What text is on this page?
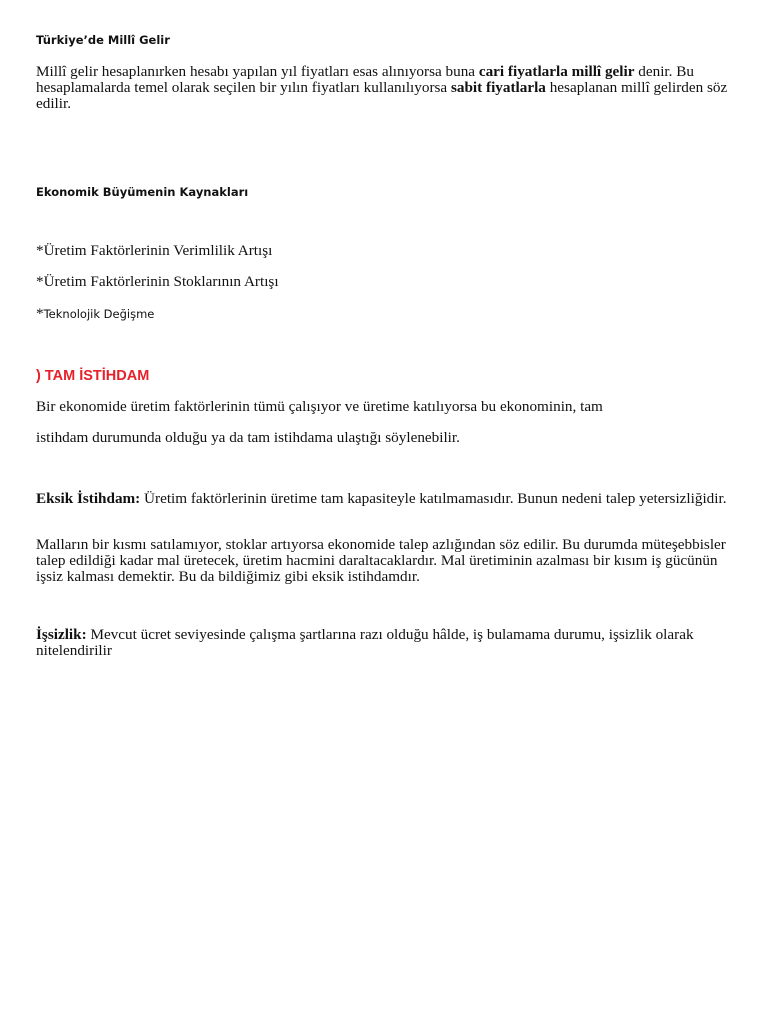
Türkiye’de Millî Gelir

Millî gelir hesaplanırken hesabı yapılan yıl fiyatları esas alınıyorsa buna cari fiyatlarla millî gelir denir. Bu hesaplamalarda temel olarak seçilen bir yılın fiyatları kullanılıyorsa sabit fiyatlarla hesaplanan millî gelirden söz edilir.

Ekonomik Büyümenin Kaynakları
*Üretim Faktörlerinin Verimlilik Artışı
*Üretim Faktörlerinin Stoklarının Artışı
*Teknolojik Değişme
) TAM İSTİHDAM
Bir ekonomide üretim faktörlerinin tümü çalışıyor ve üretime katılıyorsa bu ekonominin, tam
istihdam durumunda olduğu ya da tam istihdama ulaştığı söylenebilir.

Eksik İstihdam: Üretim faktörlerinin üretime tam kapasiteyle katılmamasıdır. Bunun nedeni talep yetersizliğidir.

Malların bir kısmı satılamıyor, stoklar artıyorsa ekonomide talep azlığından söz edilir. Bu durumda müteşebbisler talep edildiği kadar mal üretecek, üretim hacmini daraltacaklardır. Mal üretiminin azalması bir kısım iş gücünün işsiz kalması demektir. Bu da bildiğimiz gibi eksik istihdamdır.

İşsizlik: Mevcut ücret seviyesinde çalışma şartlarına razı olduğu hâlde, iş bulamama durumu, işsizlik olarak nitelendirilir
